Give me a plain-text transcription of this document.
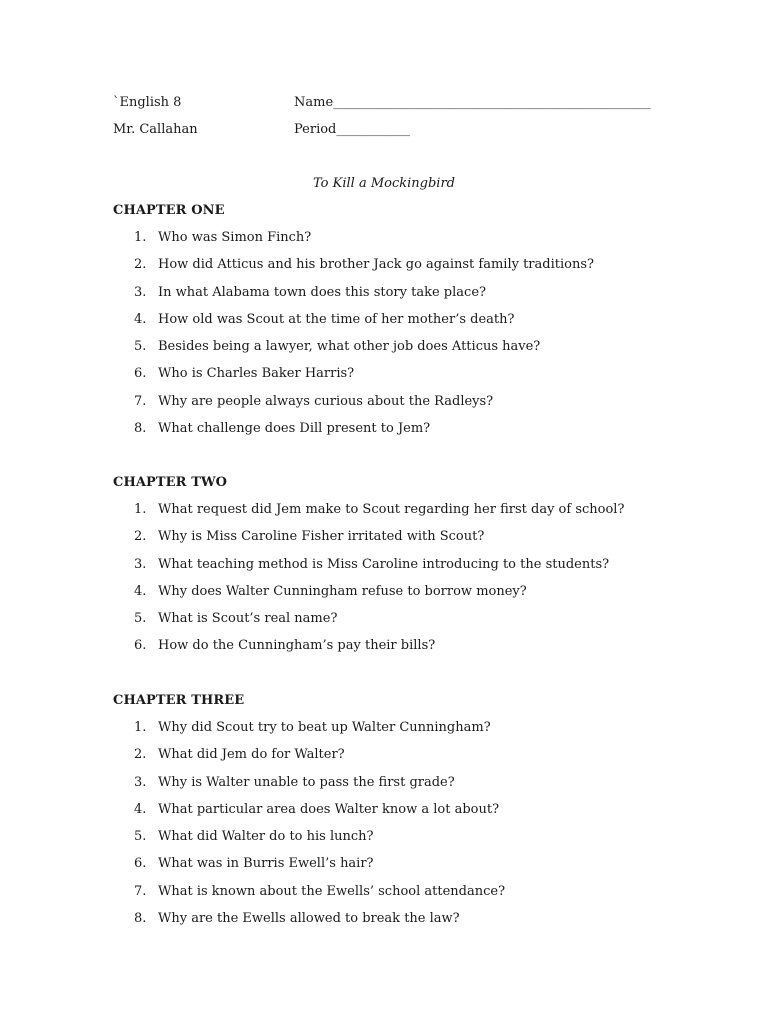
`English 8	Name____________________________________________________
Mr. Callahan	Period____________
To Kill a Mockingbird
CHAPTER ONE
1. Who was Simon Finch?
2. How did Atticus and his brother Jack go against family traditions?
3. In what Alabama town does this story take place?
4. How old was Scout at the time of her mother’s death?
5. Besides being a lawyer, what other job does Atticus have?
6. Who is Charles Baker Harris?
7. Why are people always curious about the Radleys?
8. What challenge does Dill present to Jem?
CHAPTER TWO
1. What request did Jem make to Scout regarding her first day of school?
2. Why is Miss Caroline Fisher irritated with Scout?
3. What teaching method is Miss Caroline introducing to the students?
4. Why does Walter Cunningham refuse to borrow money?
5. What is Scout’s real name?
6. How do the Cunningham’s pay their bills?
CHAPTER THREE
1. Why did Scout try to beat up Walter Cunningham?
2. What did Jem do for Walter?
3. Why is Walter unable to pass the first grade?
4. What particular area does Walter know a lot about?
5. What did Walter do to his lunch?
6. What was in Burris Ewell’s hair?
7. What is known about the Ewells’ school attendance?
8. Why are the Ewells allowed to break the law?
